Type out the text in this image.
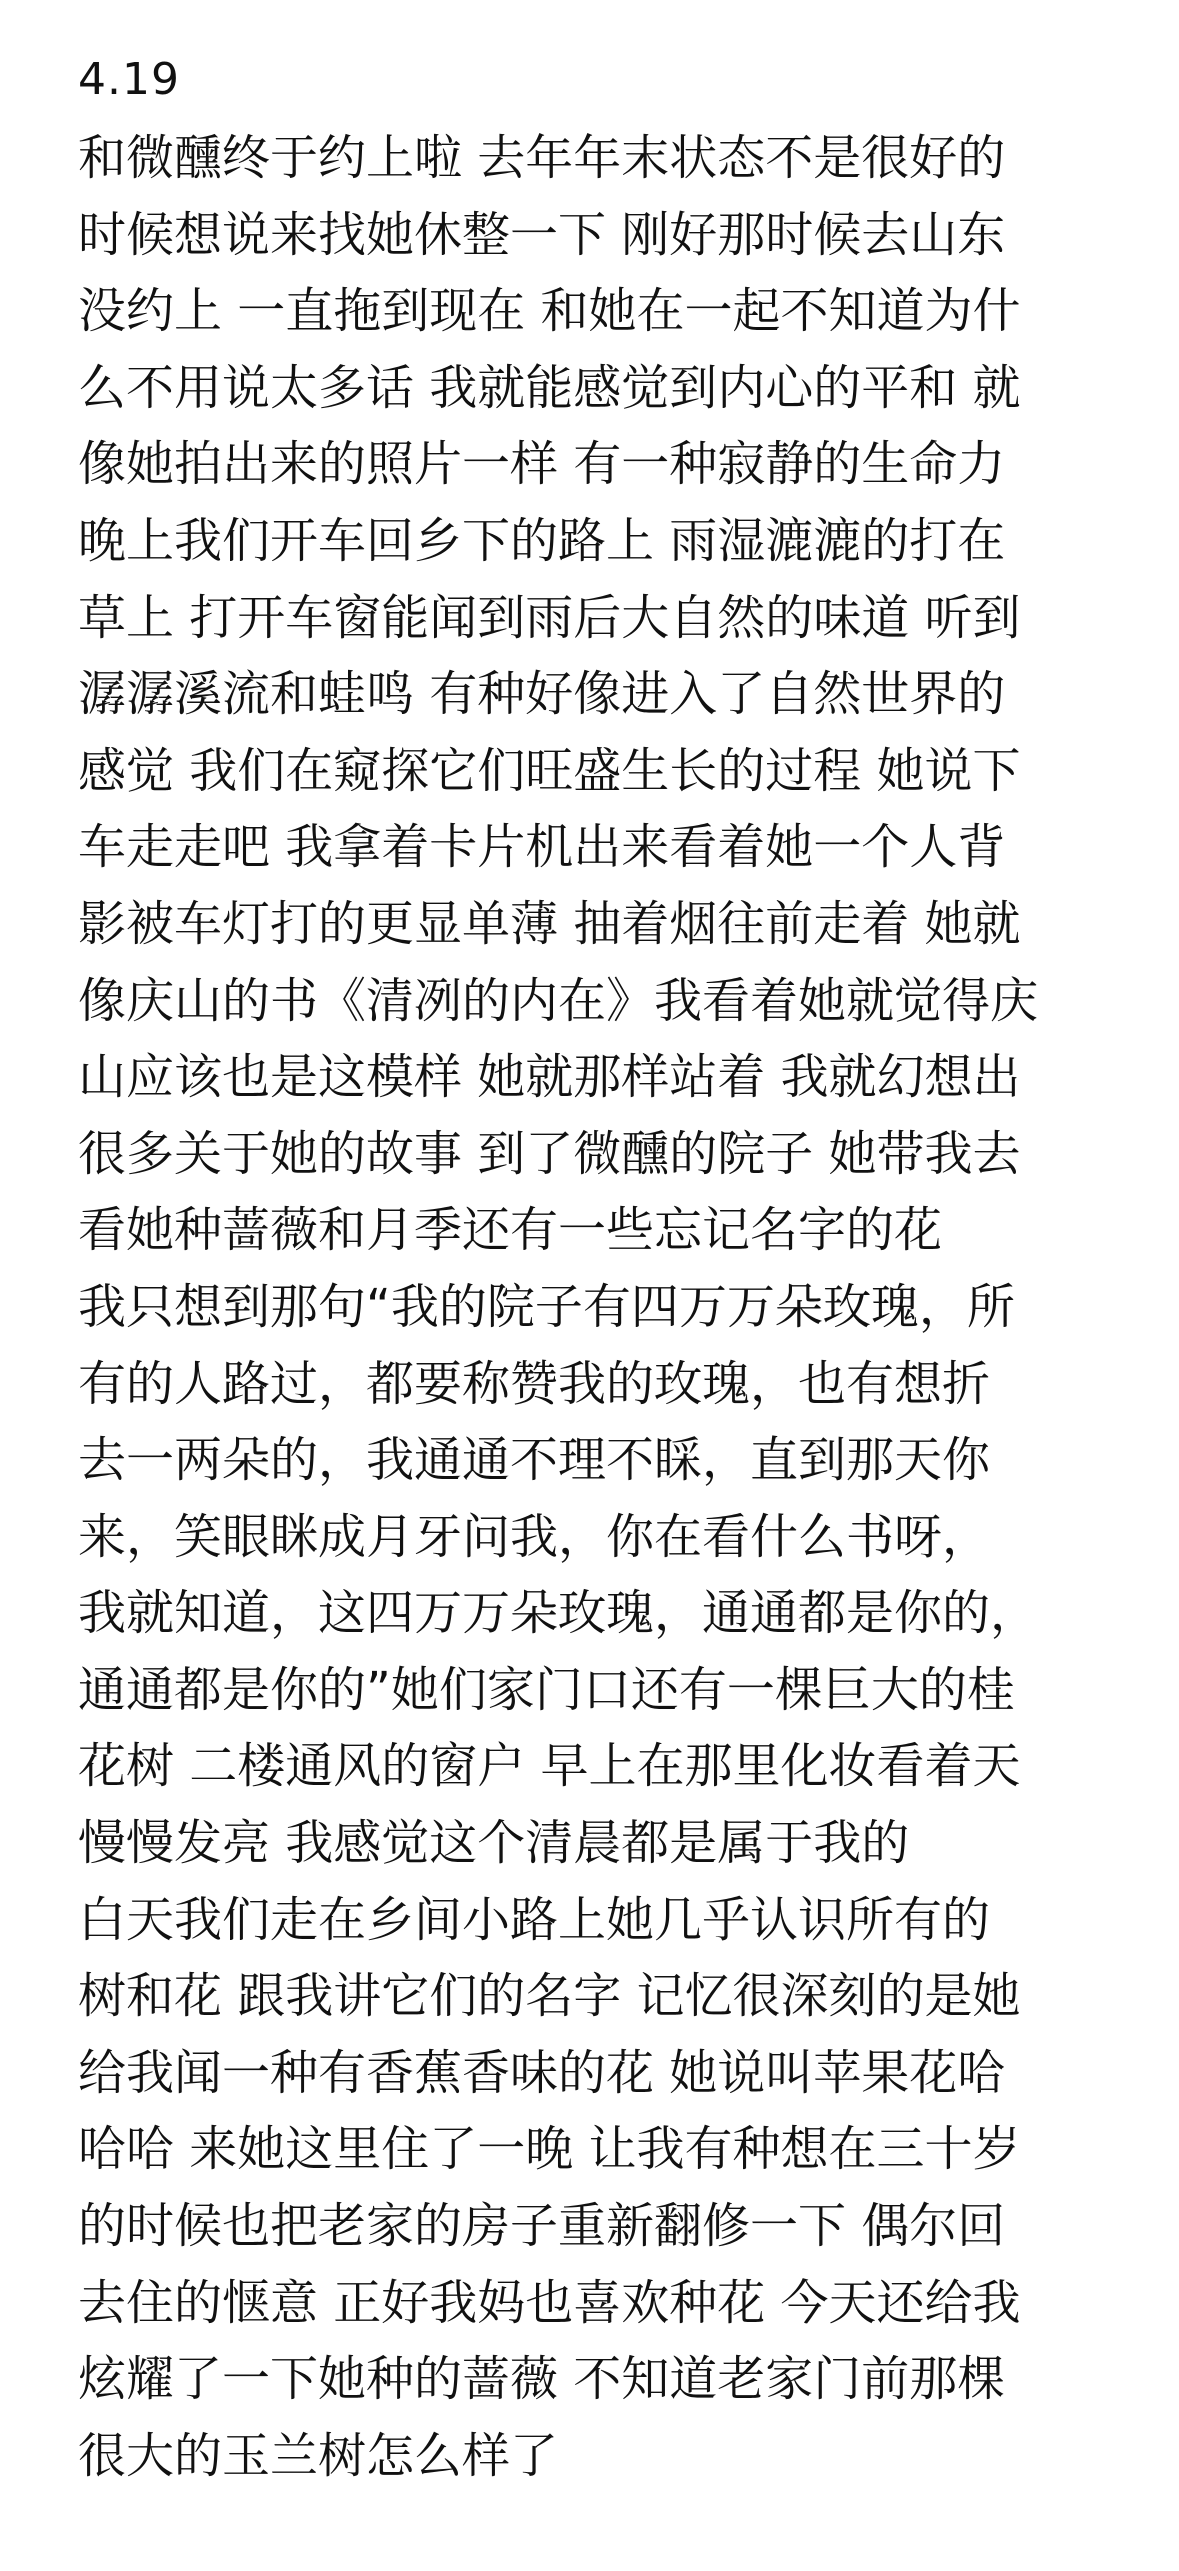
4.19
和微醺终于约上啦 去年年末状态不是很好的
时候想说来找她休整一下 刚好那时候去山东
没约上 一直拖到现在 和她在一起不知道为什
么不用说太多话 我就能感觉到内心的平和 就
像她拍出来的照片一样 有一种寂静的生命力
晚上我们开车回乡下的路上 雨湿漉漉的打在
草上 打开车窗能闻到雨后大自然的味道 听到
潺潺溪流和蛙鸣 有种好像进入了自然世界的
感觉 我们在窥探它们旺盛生长的过程 她说下
车走走吧 我拿着卡片机出来看着她一个人背
影被车灯打的更显单薄 抽着烟往前走着 她就
像庆山的书《清冽的内在》我看着她就觉得庆
山应该也是这模样 她就那样站着 我就幻想出
很多关于她的故事 到了微醺的院子 她带我去
看她种蔷薇和月季还有一些忘记名字的花
我只想到那句“我的院子有四万万朵玫瑰，所
有的人路过，都要称赞我的玫瑰，也有想折
去一两朵的，我通通不理不睬，直到那天你
来，笑眼眯成月牙问我，你在看什么书呀，
我就知道，这四万万朵玫瑰，通通都是你的，
通通都是你的”她们家门口还有一棵巨大的桂
花树 二楼通风的窗户 早上在那里化妆看着天
慢慢发亮 我感觉这个清晨都是属于我的
白天我们走在乡间小路上她几乎认识所有的
树和花 跟我讲它们的名字 记忆很深刻的是她
给我闻一种有香蕉香味的花 她说叫苹果花哈
哈哈 来她这里住了一晚 让我有种想在三十岁
的时候也把老家的房子重新翻修一下 偶尔回
去住的惬意 正好我妈也喜欢种花 今天还给我
炫耀了一下她种的蔷薇 不知道老家门前那棵
很大的玉兰树怎么样了
